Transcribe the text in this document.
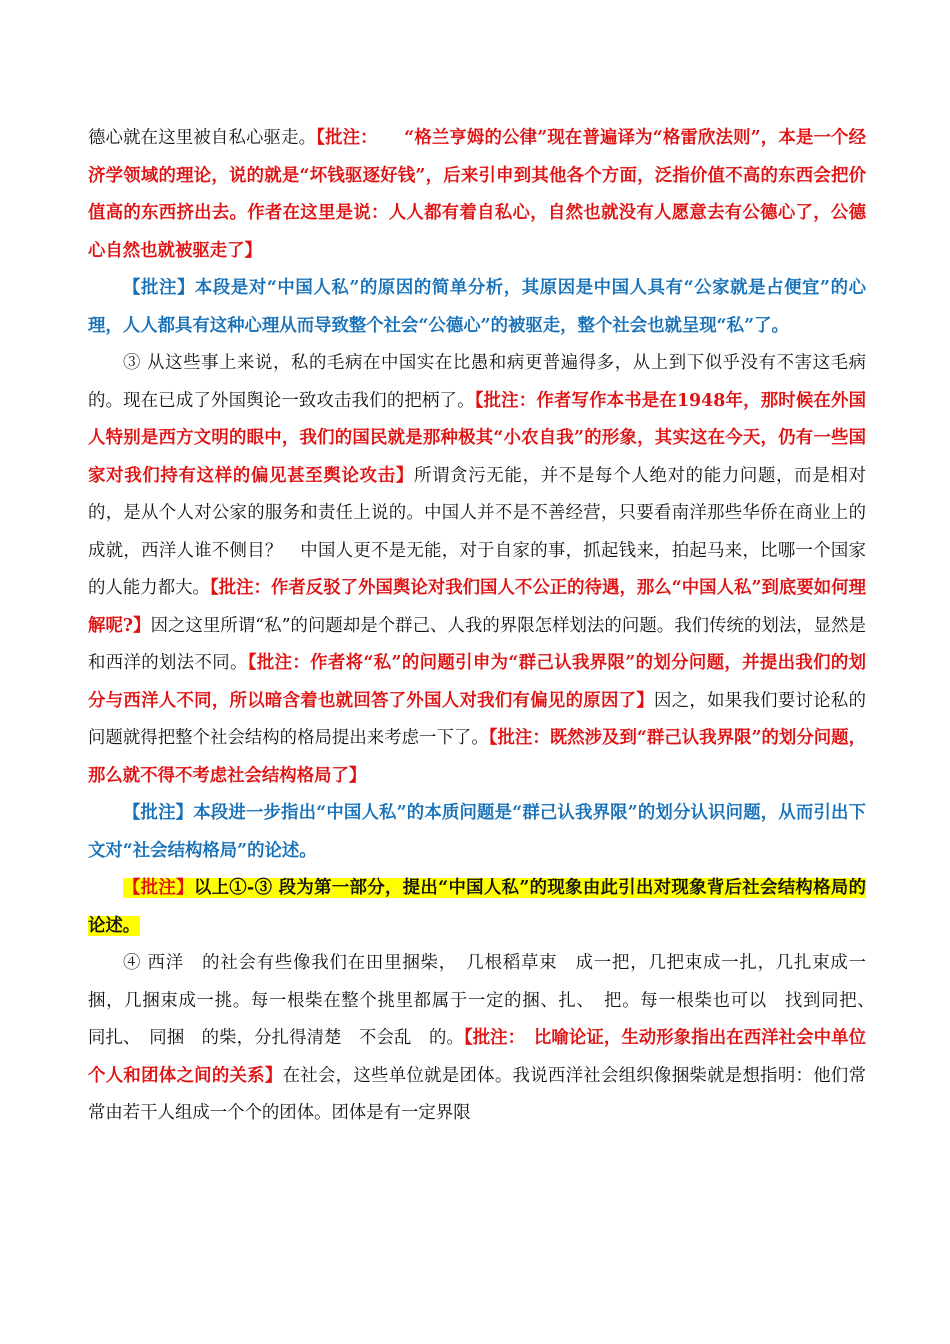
德心就在这里被自私心驱走。【批注：　　“格兰亨姆的公律”现在普遍译为“格雷欣法则”，本是一个经济学领域的理论，说的就是“坏钱驱逐好钱”，后来引申到其他各个方面，泛指价值不高的东西会把价值高的东西挤出去。作者在这里是说：人人都有着自私心，自然也就没有人愿意去有公德心了，公德心自然也就被驱走了】

【批注】本段是对“中国人私”的原因的简单分析，其原因是中国人具有“公家就是占便宜”的心理，人人都具有这种心理从而导致整个社会“公德心”的被驱走，整个社会也就呈现“私”了。

③ 从这些事上来说，私的毛病在中国实在比愚和病更普遍得多，从上到下似乎没有不害这毛病的。现在已成了外国舆论一致攻击我们的把柄了。【批注：作者写作本书是在1948年，那时候在外国人特别是西方文明的眼中，我们的国民就是那种极其“小农自我”的形象，其实这在今天，仍有一些国家对我们持有这样的偏见甚至舆论攻击】所谓贪污无能，并不是每个人绝对的能力问题，而是相对的，是从个人对公家的服务和责任上说的。中国人并不是不善经营，只要看南洋那些华侨在商业上的成就，西洋人谁不侧目？　中国人更不是无能，对于自家的事，抓起钱来，拍起马来，比哪一个国家的人能力都大。【批注：作者反驳了外国舆论对我们国人不公正的待遇，那么“中国人私”到底要如何理解呢?】因之这里所谓“私”的问题却是个群己、人我的界限怎样划法的问题。我们传统的划法，显然是和西洋的划法不同。【批注：作者将“私”的问题引申为“群己认我界限”的划分问题，并提出我们的划分与西洋人不同，所以暗含着也就回答了外国人对我们有偏见的原因了】因之，如果我们要讨论私的问题就得把整个社会结构的格局提出来考虑一下了。【批注：既然涉及到“群己认我界限”的划分问题，那么就不得不考虑社会结构格局了】

【批注】本段进一步指出“中国人私”的本质问题是“群己认我界限”的划分认识问题，从而引出下文对“社会结构格局”的论述。

【批注】以上①-③ 段为第一部分，提出“中国人私”的现象由此引出对现象背后社会结构格局的论述。

④ 西洋　的社会有些像我们在田里捆柴，　几根稻草束　成一把，几把束成一扎，几扎束成一捆，几捆束成一挑。每一根柴在整个挑里都属于一定的捆、扎、　把。每一根柴也可以　找到同把、　同扎、　同捆　的柴，分扎得清楚　不会乱　的。【批注：　比喻论证，生动形象指出在西洋社会中单位个人和团体之间的关系】在社会，这些单位就是团体。我说西洋社会组织像捆柴就是想指明：他们常常由若干人组成一个个的团体。团体是有一定界限
